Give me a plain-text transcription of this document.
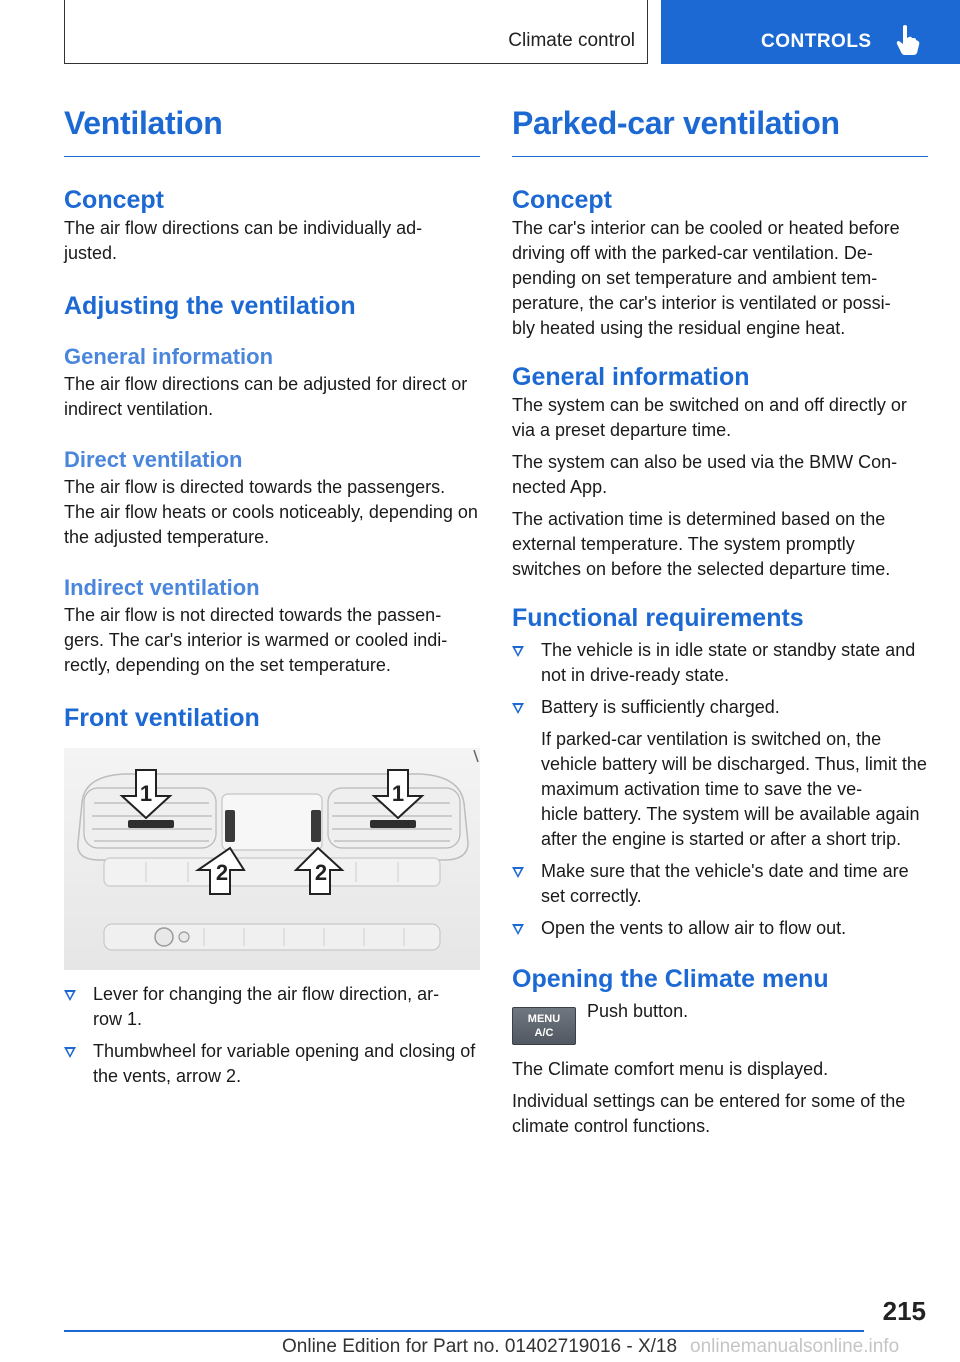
Climate control	CONTROLS
Ventilation
Concept

The air flow directions can be individually ad‐
justed.

Adjusting the ventilation
General information

The air flow directions can be adjusted for direct or indirect ventilation.

Direct ventilation

The air flow is directed towards the passengers. The air flow heats or cools noticeably, depending on the adjusted temperature.

Indirect ventilation

The air flow is not directed towards the passen‐
gers. The car's interior is warmed or cooled indi‐
rectly, depending on the set temperature.

Front ventilation
1	1
2	2
Lever for changing the air flow direction, ar‐
row 1.
Thumbwheel for variable opening and closing of the vents, arrow 2.
Parked-car ventilation
Concept

The car's interior can be cooled or heated before driving off with the parked-car ventilation. De‐
pending on set temperature and ambient tem‐
perature, the car's interior is ventilated or possi‐
bly heated using the residual engine heat.

General information

The system can be switched on and off directly or via a preset departure time.

The system can also be used via the BMW Con‐
nected App.

The activation time is determined based on the external temperature. The system promptly switches on before the selected departure time.

Functional requirements
The vehicle is in idle state or standby state and not in drive-ready state.
Battery is sufficiently charged.
If parked-car ventilation is switched on, the vehicle battery will be discharged. Thus, limit the maximum activation time to save the ve‐
hicle battery. The system will be available again after the engine is started or after a short trip.
Make sure that the vehicle's date and time are set correctly.
Open the vents to allow air to flow out.
Opening the Climate menu
MENU
A/C

Push button.

The Climate comfort menu is displayed.

Individual settings can be entered for some of the climate control functions.

215
Online Edition for Part no. 01402719016 - X/18 onlinemanualsonline.info
